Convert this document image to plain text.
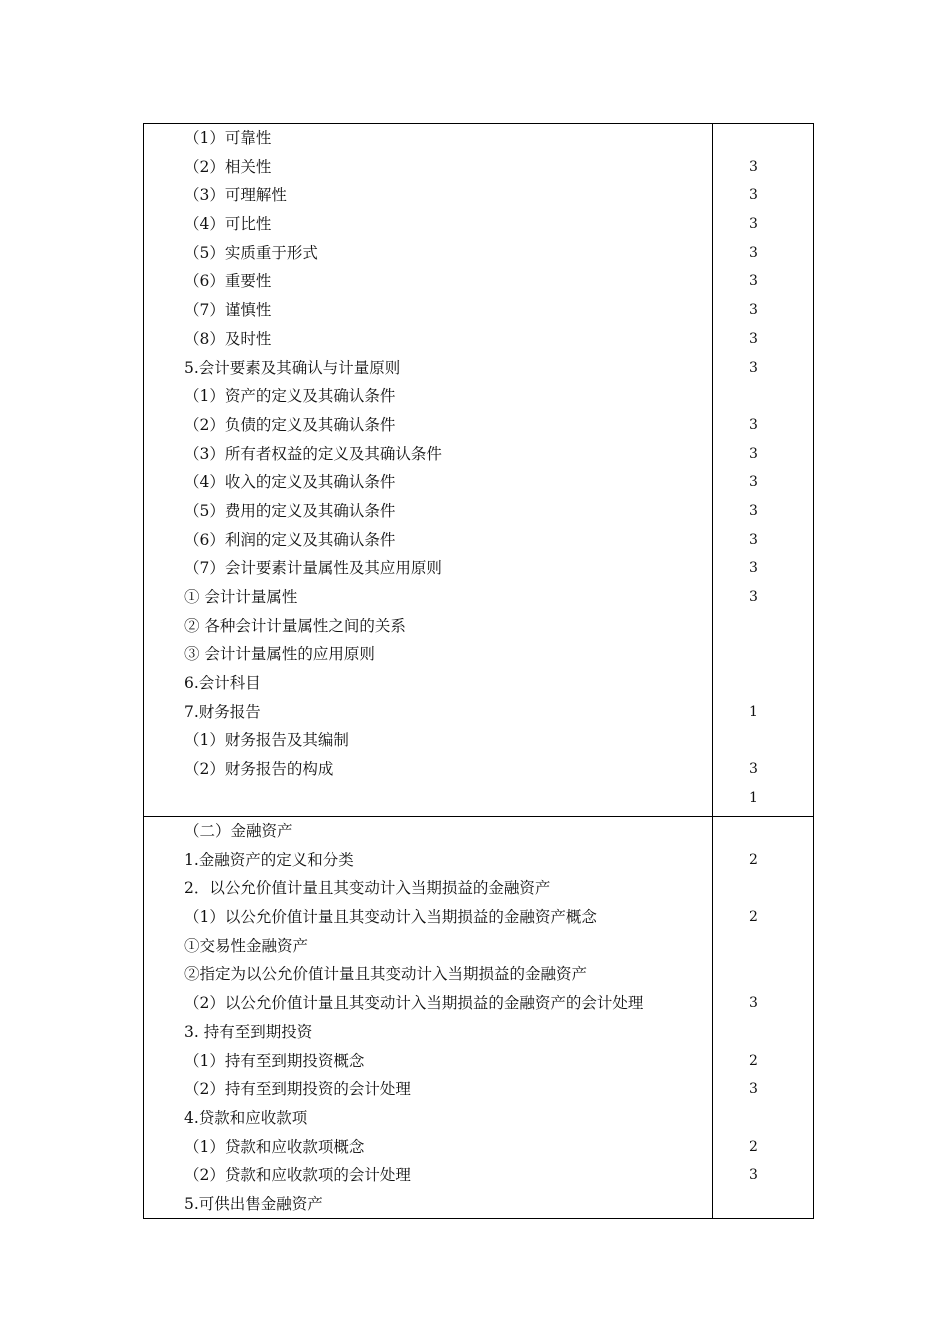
（1）可靠性
（2）相关性
（3）可理解性
（4）可比性
（5）实质重于形式
（6）重要性
（7）谨慎性
（8）及时性
5.会计要素及其确认与计量原则
（1）资产的定义及其确认条件
（2）负债的定义及其确认条件
（3）所有者权益的定义及其确认条件
（4）收入的定义及其确认条件
（5）费用的定义及其确认条件
（6）利润的定义及其确认条件
（7）会计要素计量属性及其应用原则
① 会计计量属性
② 各种会计计量属性之间的关系
③ 会计计量属性的应用原则
6.会计科目
7.财务报告
（1）财务报告及其编制
（2）财务报告的构成
3
3
3
3
3
3
3
3
3
3
3
3
3
3
3
1
3
1
（二）金融资产
1.金融资产的定义和分类
2．以公允价值计量且其变动计入当期损益的金融资产
（1）以公允价值计量且其变动计入当期损益的金融资产概念
①交易性金融资产
②指定为以公允价值计量且其变动计入当期损益的金融资产
（2）以公允价值计量且其变动计入当期损益的金融资产的会计处理
3. 持有至到期投资
（1）持有至到期投资概念
（2）持有至到期投资的会计处理
4.贷款和应收款项
（1）贷款和应收款项概念
（2）贷款和应收款项的会计处理
5.可供出售金融资产
2
2
3
2
3
2
3
